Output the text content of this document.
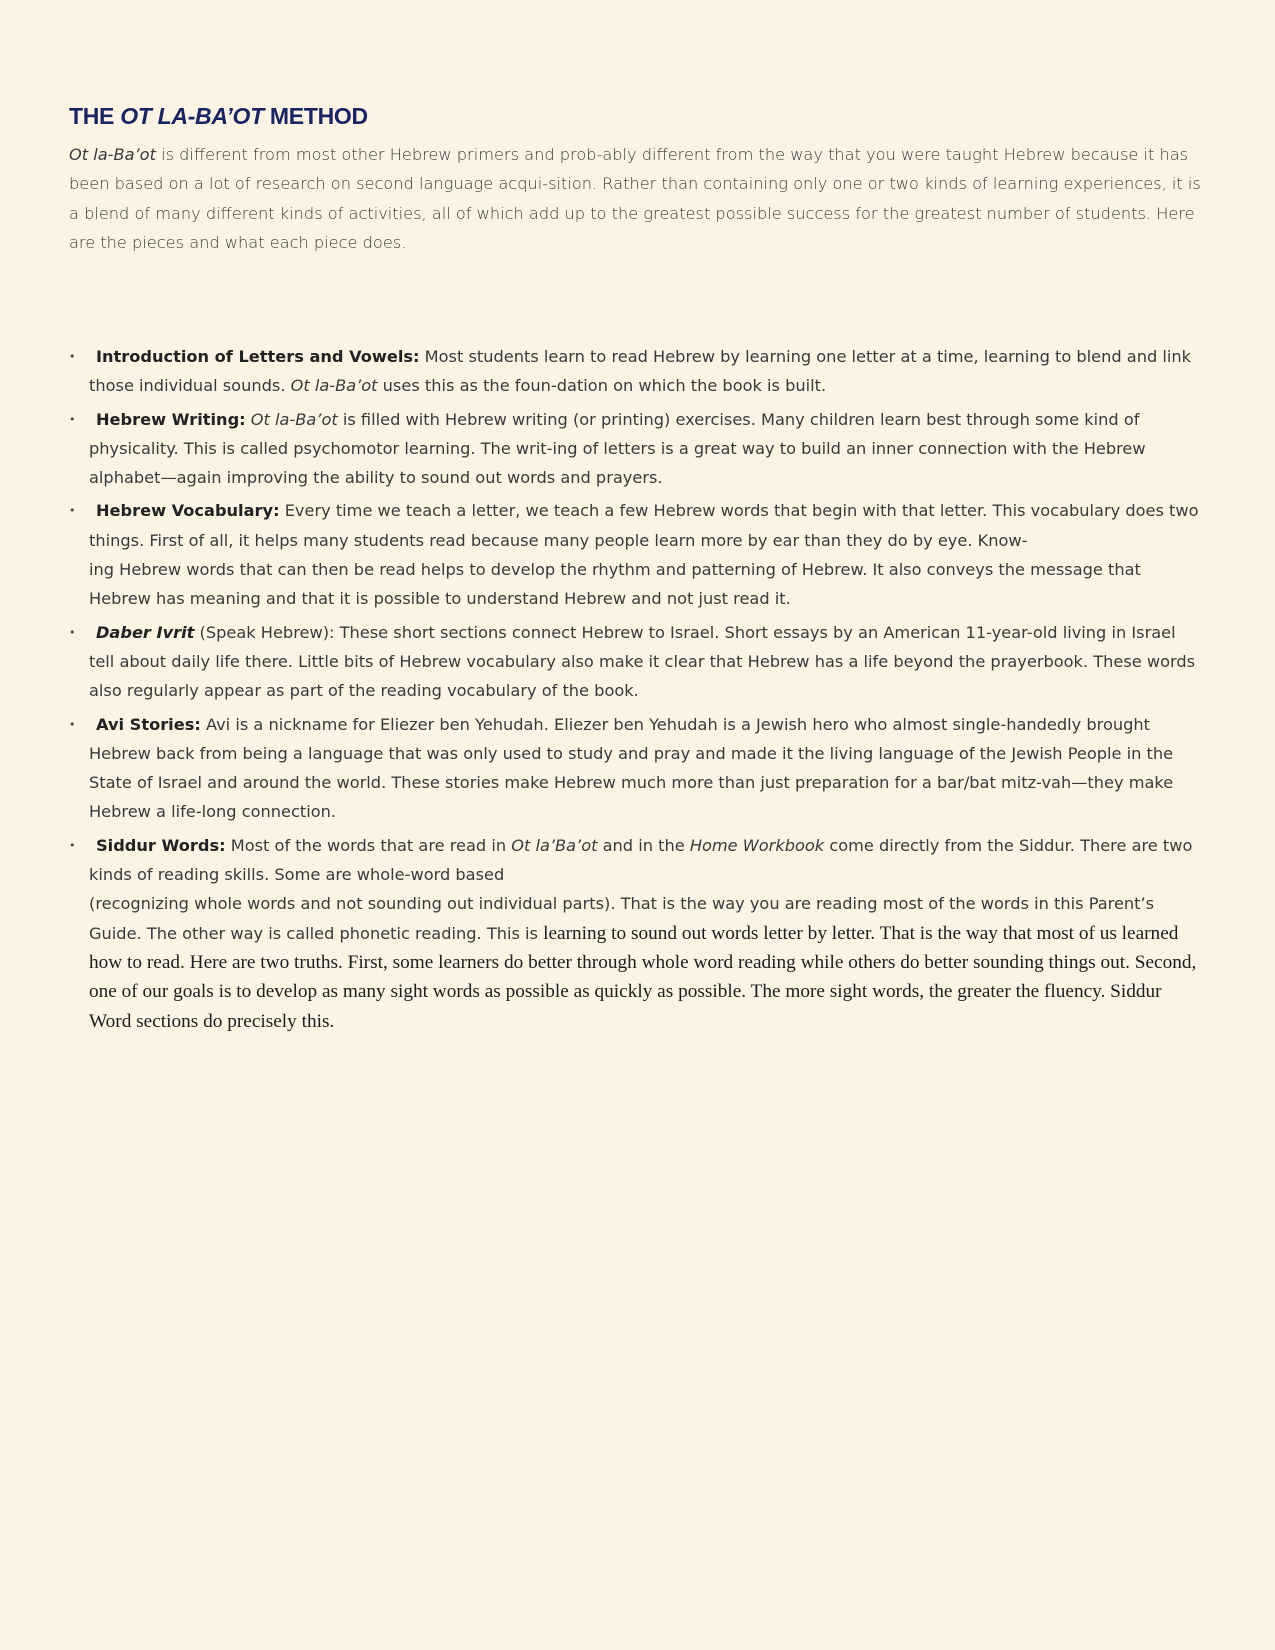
THE OT LA-BA’OT METHOD

Ot la-Ba’ot is different from most other Hebrew primers and prob-ably different from the way that you were taught Hebrew because it has been based on a lot of research on second language acqui-sition. Rather than containing only one or two kinds of learning experiences, it is a blend of many different kinds of activities, all of which add up to the greatest possible success for the greatest number of students. Here are the pieces and what each piece does.

•	Introduction of Letters and Vowels: Most students learn to read Hebrew by learning one letter at a time, learning to blend and link those individual sounds. Ot la-Ba’ot uses this as the foun-dation on which the book is built.
•	Hebrew Writing: Ot la-Ba’ot is filled with Hebrew writing (or printing) exercises. Many children learn best through some kind of physicality. This is called psychomotor learning. The writ-ing of letters is a great way to build an inner connection with the Hebrew alphabet—again improving the ability to sound out words and prayers.
•	Hebrew Vocabulary: Every time we teach a letter, we teach a few Hebrew words that begin with that letter. This vocabulary does two things. First of all, it helps many students read because many people learn more by ear than they do by eye. Know-
ing Hebrew words that can then be read helps to develop the rhythm and patterning of Hebrew. It also conveys the message that Hebrew has meaning and that it is possible to understand Hebrew and not just read it.
•	Daber Ivrit (Speak Hebrew): These short sections connect Hebrew to Israel. Short essays by an American 11-year-old living in Israel tell about daily life there. Little bits of Hebrew vocabulary also make it clear that Hebrew has a life beyond the prayerbook. These words also regularly appear as part of the reading vocabulary of the book.
•	Avi Stories: Avi is a nickname for Eliezer ben Yehudah. Eliezer ben Yehudah is a Jewish hero who almost single-handedly brought Hebrew back from being a language that was only used to study and pray and made it the living language of the Jewish People in the State of Israel and around the world. These stories make Hebrew much more than just preparation for a bar/bat mitz-vah—they make Hebrew a life-long connection.
•	Siddur Words: Most of the words that are read in Ot la’Ba’ot and in the Home Workbook come directly from the Siddur. There are two kinds of reading skills. Some are whole-word based
(recognizing whole words and not sounding out individual parts). That is the way you are reading most of the words in this Parent’s Guide. The other way is called phonetic reading. This is learning to sound out words letter by letter. That is the way that most of us learned how to read. Here are two truths. First, some learners do better through whole word reading while others do better sounding things out. Second, one of our goals is to develop as many sight words as possible as quickly as possible. The more sight words, the greater the fluency. Siddur Word sections do precisely this.
